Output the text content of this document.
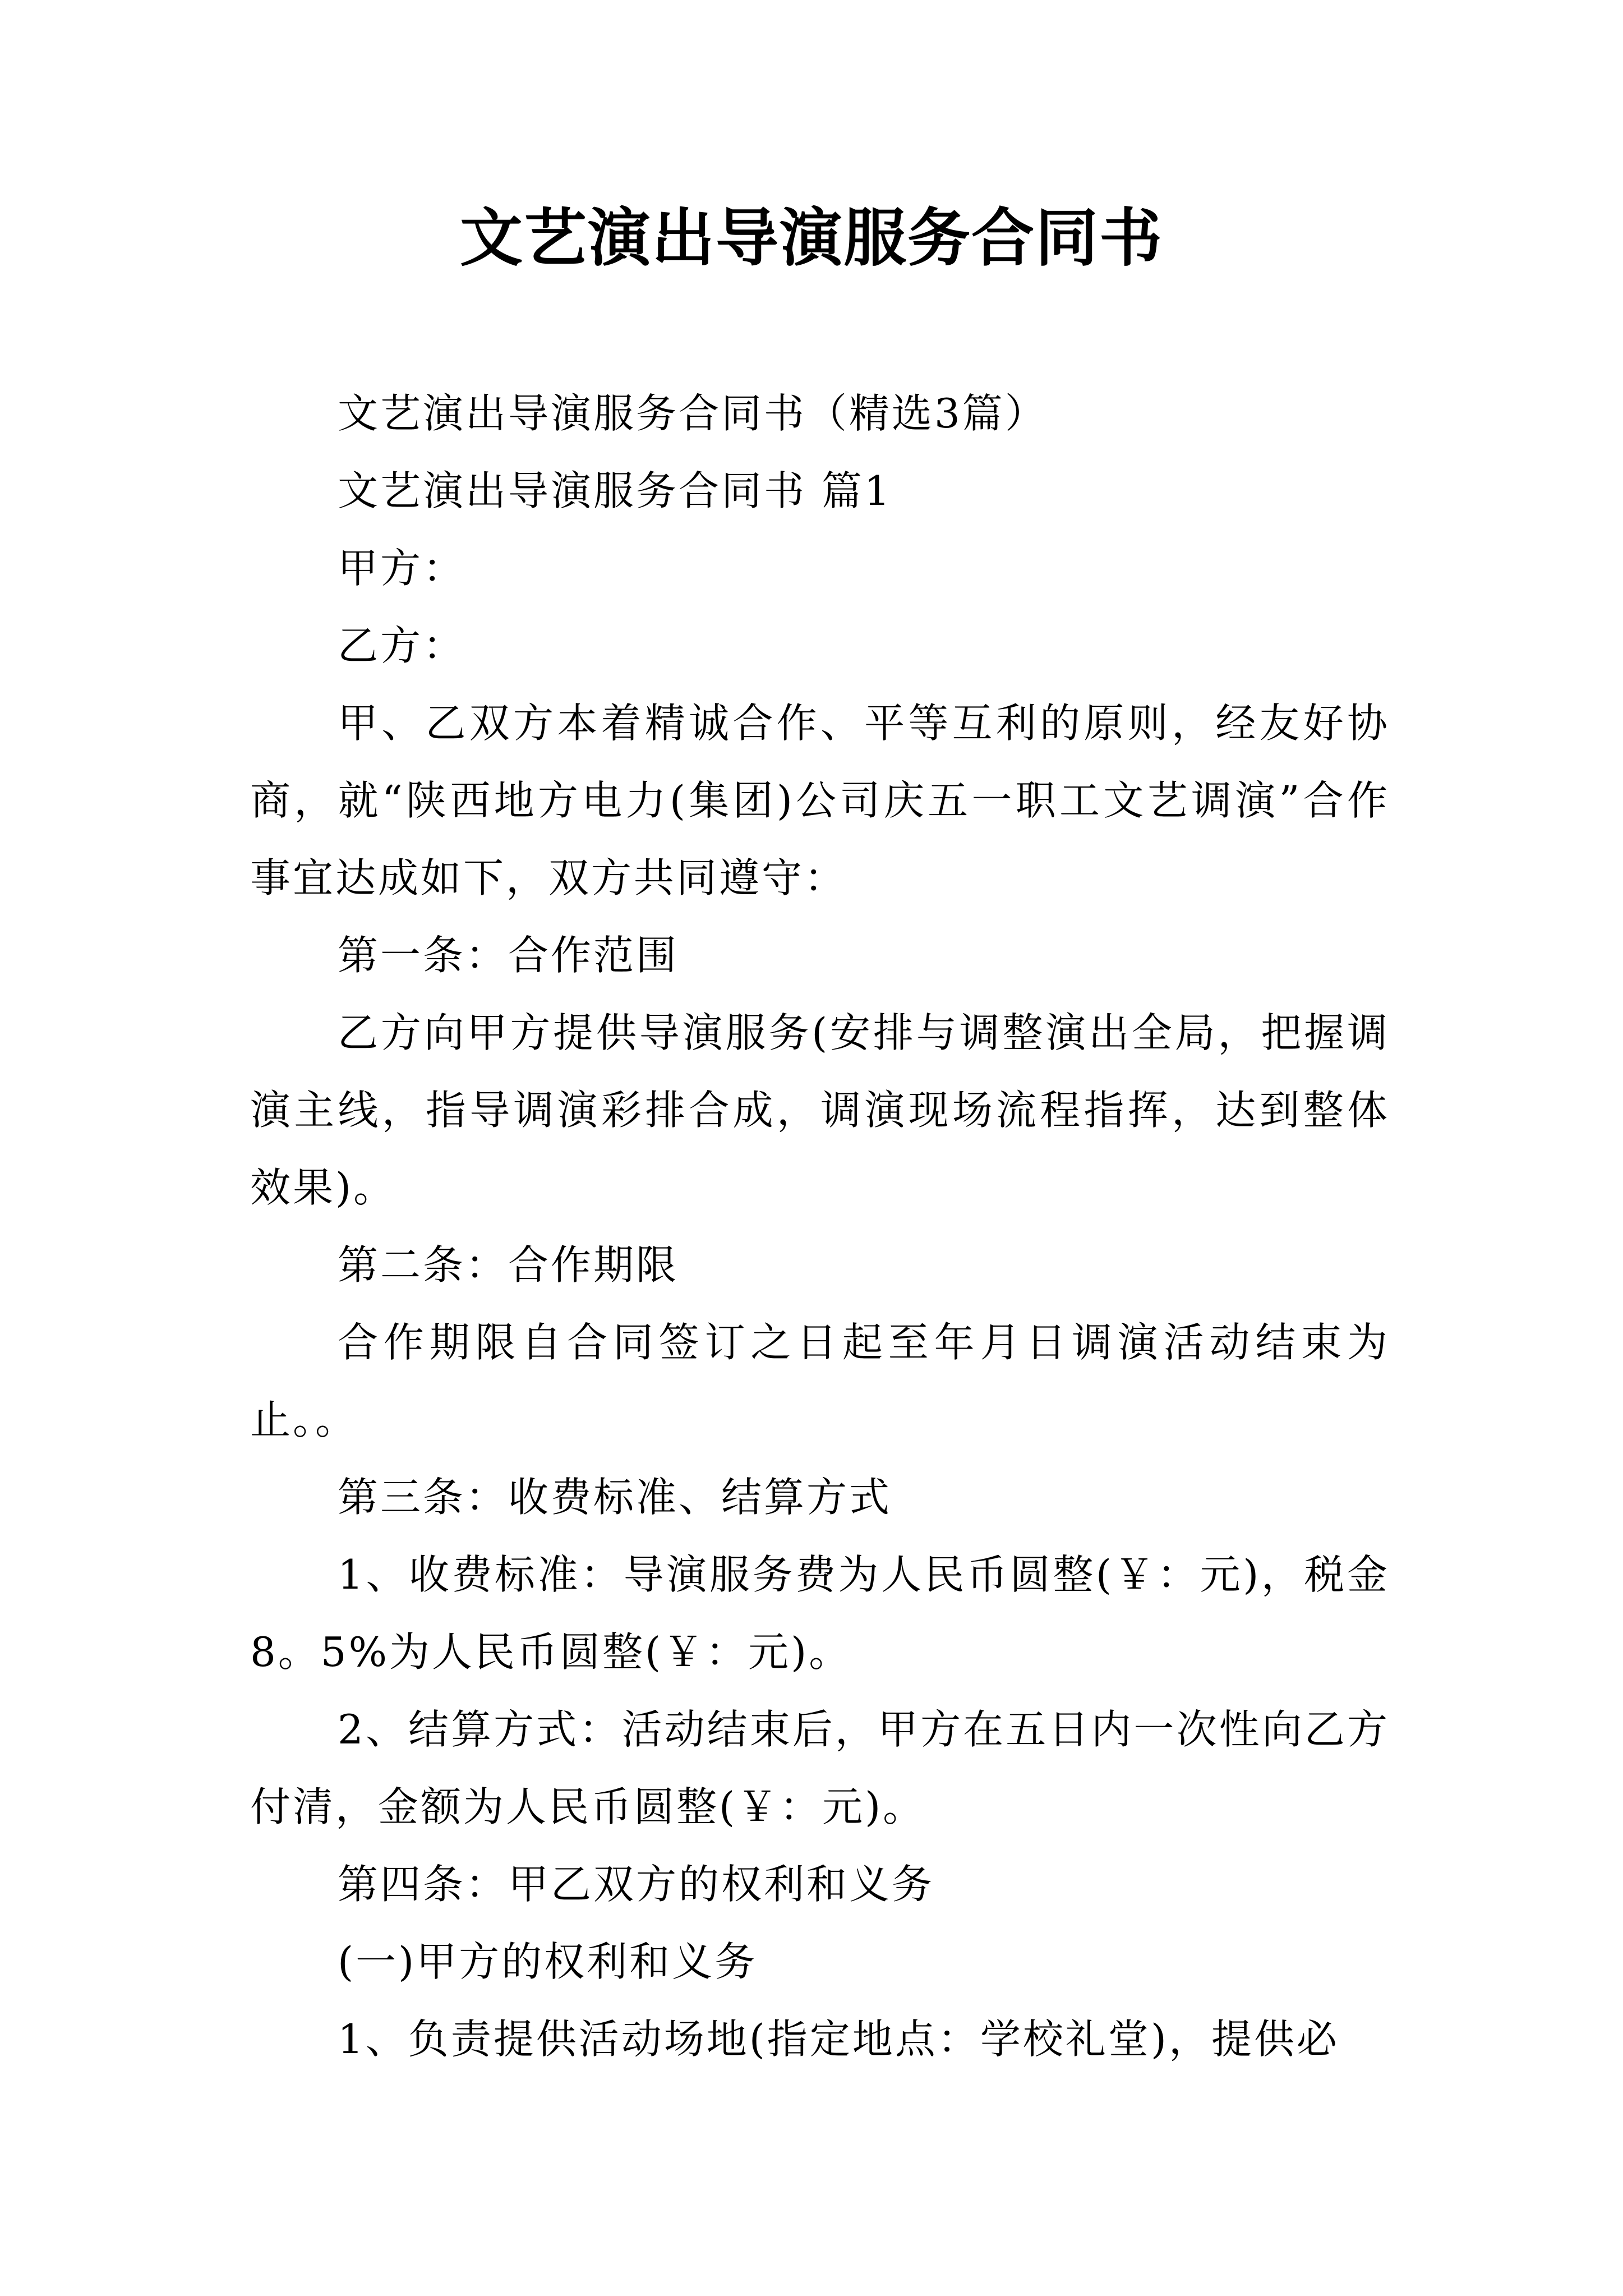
文艺演出导演服务合同书

文艺演出导演服务合同书（精选3篇）

文艺演出导演服务合同书 篇1

甲方：

乙方：

甲、乙双方本着精诚合作、平等互利的原则，经友好协商，就“陕西地方电力(集团)公司庆五一职工文艺调演”合作事宜达成如下，双方共同遵守：

第一条：合作范围

乙方向甲方提供导演服务(安排与调整演出全局，把握调演主线，指导调演彩排合成，调演现场流程指挥，达到整体效果)。

第二条：合作期限

合作期限自合同签订之日起至年月日调演活动结束为止。。

第三条：收费标准、结算方式

1、收费标准：导演服务费为人民币圆整(￥：元)，税金8。5%为人民币圆整(￥：元)。

2、结算方式：活动结束后，甲方在五日内一次性向乙方付清，金额为人民币圆整(￥：元)。

第四条：甲乙双方的权利和义务

(一)甲方的权利和义务

1、负责提供活动场地(指定地点：学校礼堂)，提供必
